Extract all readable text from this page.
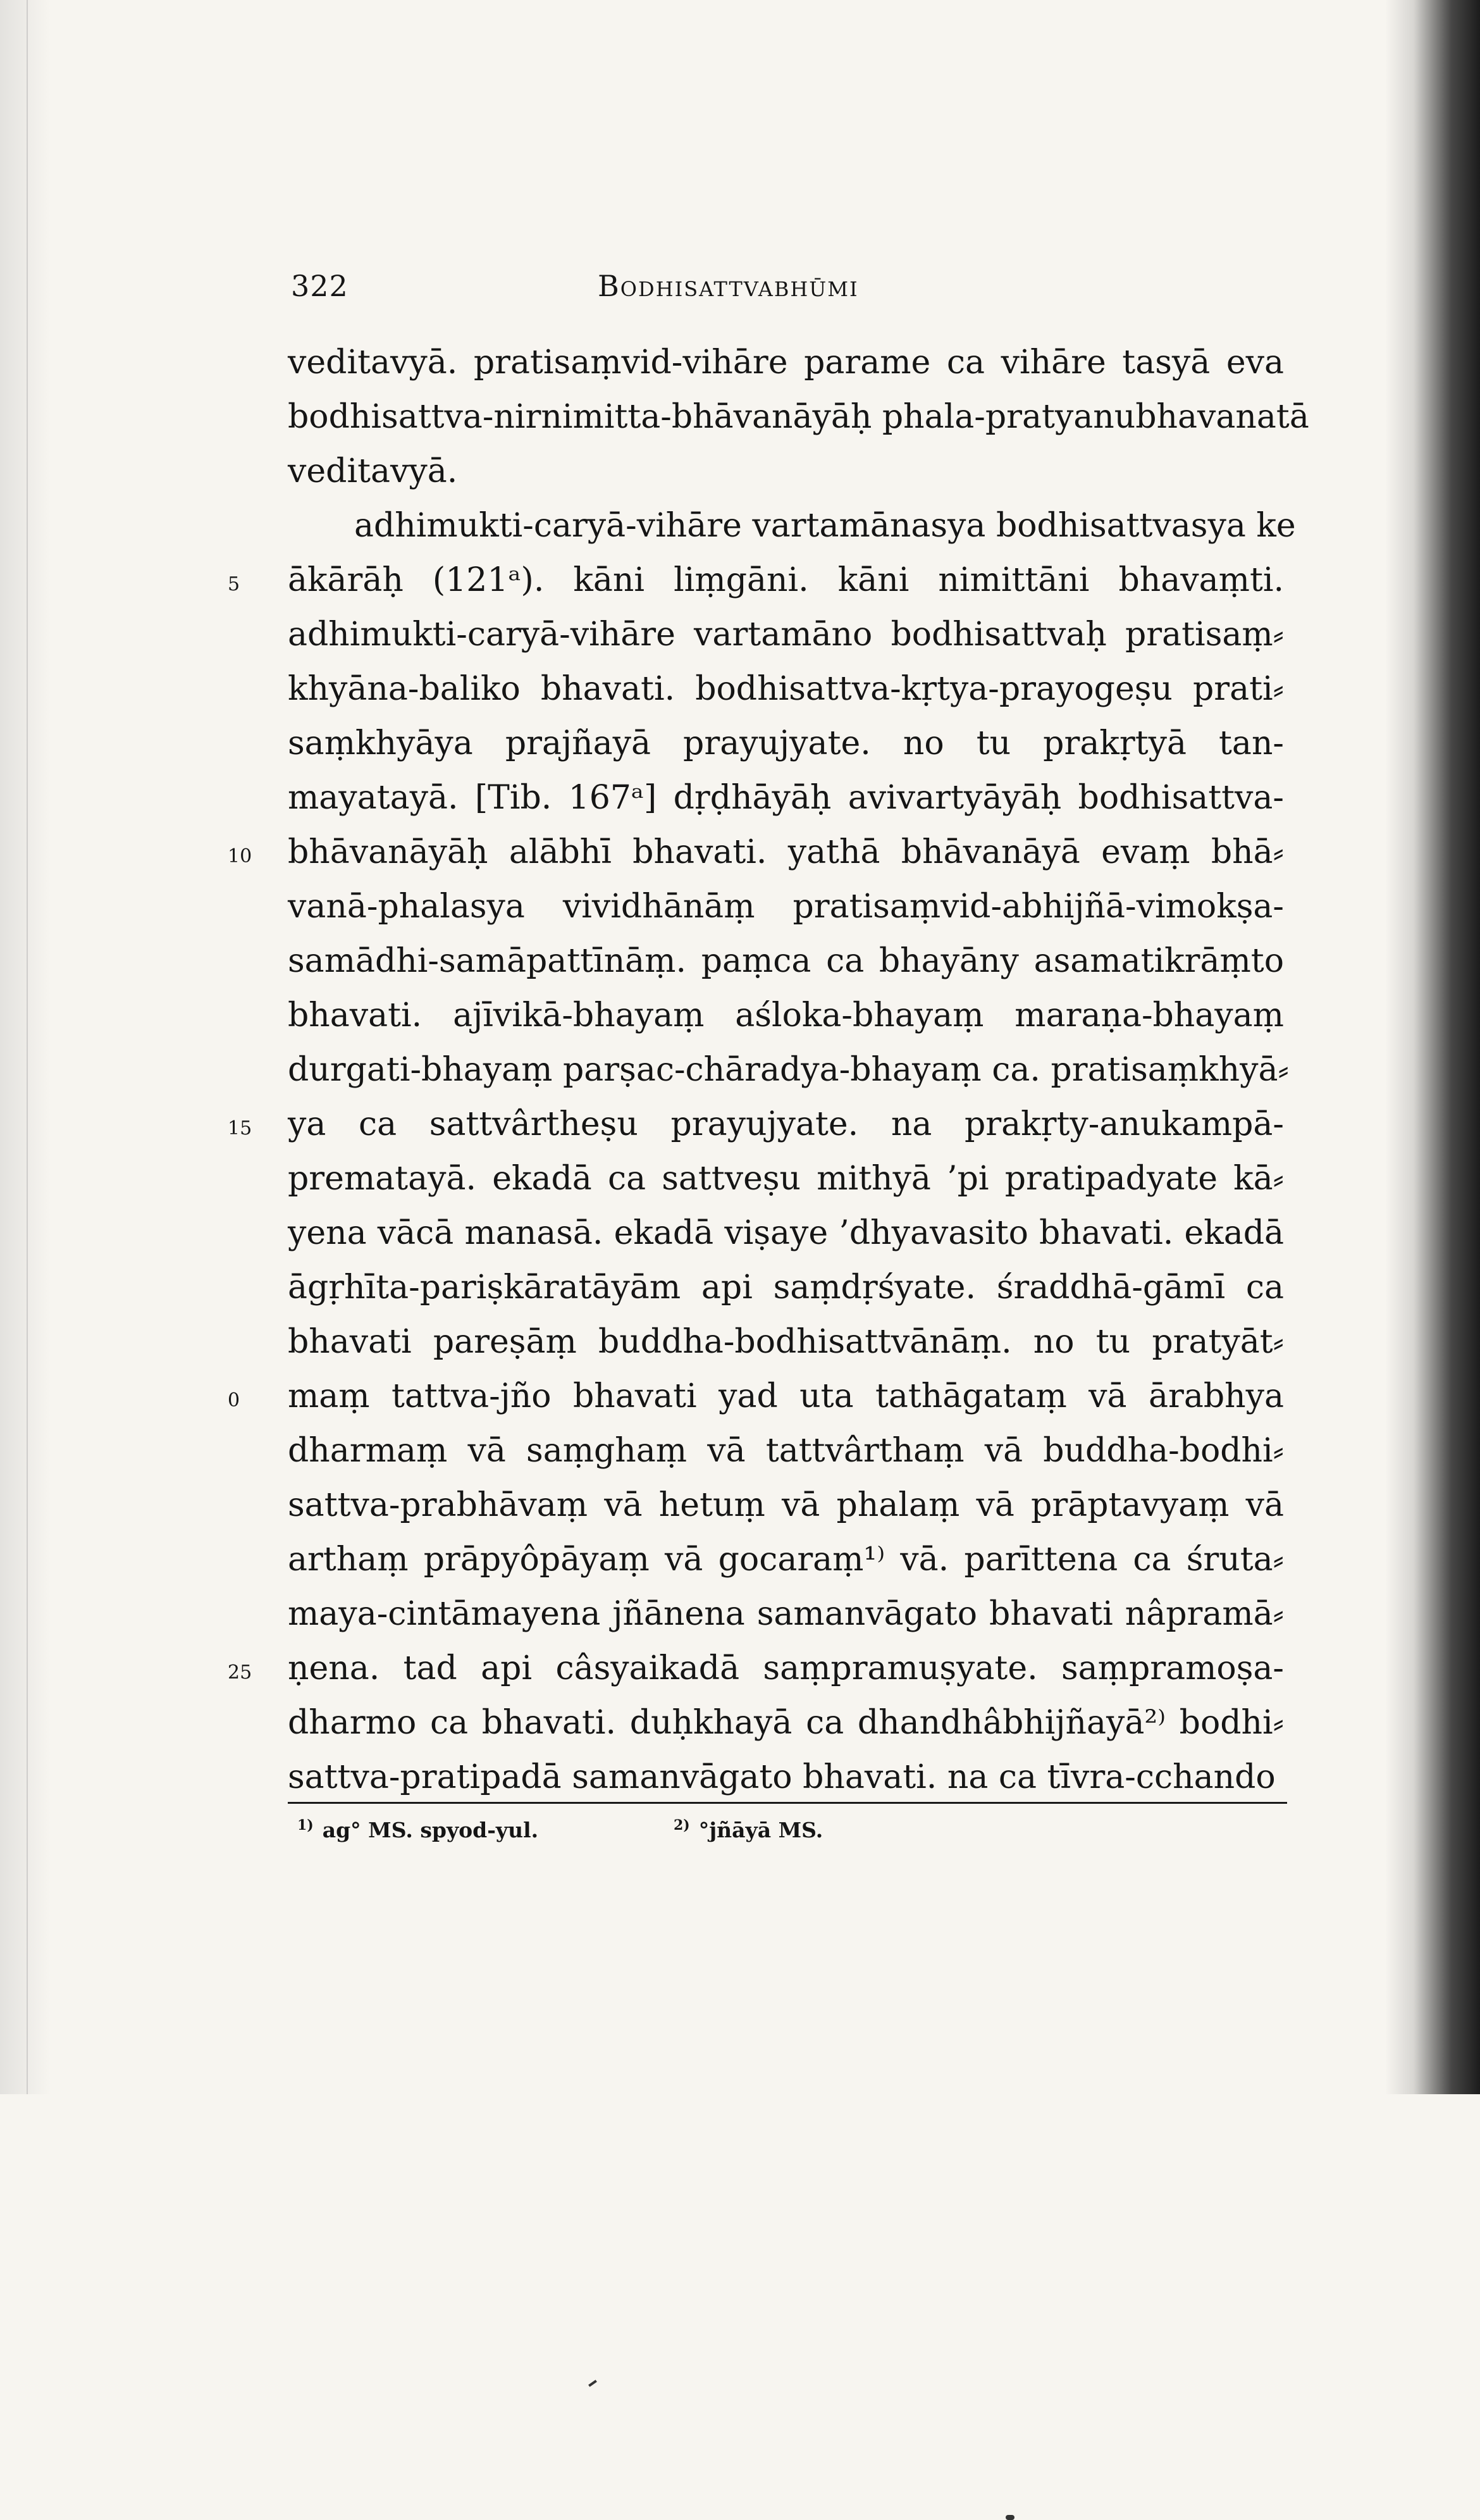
322	Bodhisattvabhūmi
veditavyā. pratisaṃvid-vihāre parame ca vihāre tasyā eva
bodhisattva-nirnimitta-bhāvanāyāḥ phala-pratyanubhavanatā
veditavyā.
adhimukti-caryā-vihāre vartamānasya bodhisattvasya ke
ākārāḥ (121ᵃ). kāni liṃgāni. kāni nimittāni bhavaṃti.
adhimukti-caryā-vihāre vartamāno bodhisattvaḥ pratisaṃ⸗
khyāna-baliko bhavati. bodhisattva-kṛtya-prayogeṣu prati⸗
saṃkhyāya prajñayā prayujyate. no tu prakṛtyā tan-
mayatayā. [Tib. 167ᵃ] dṛḍhāyāḥ avivartyāyāḥ bodhisattva-
bhāvanāyāḥ alābhī bhavati. yathā bhāvanāyā evaṃ bhā⸗
vanā-phalasya vividhānāṃ pratisaṃvid-abhijñā-vimokṣa-
samādhi-samāpattīnāṃ. paṃca ca bhayāny asamatikrāṃto
bhavati. ajīvikā-bhayaṃ aśloka-bhayaṃ maraṇa-bhayaṃ
durgati-bhayaṃ parṣac-chāradya-bhayaṃ ca. pratisaṃkhyā⸗
ya ca sattvârtheṣu prayujyate. na prakṛty-anukampā-
prematayā. ekadā ca sattveṣu mithyā ’pi pratipadyate kā⸗
yena vācā manasā. ekadā viṣaye ’dhyavasito bhavati. ekadā
āgṛhīta-pariṣkāratāyām api saṃdṛśyate. śraddhā-gāmī ca
bhavati pareṣāṃ buddha-bodhisattvānāṃ. no tu pratyāt⸗
maṃ tattva-jño bhavati yad uta tathāgataṃ vā ārabhya
dharmaṃ vā saṃghaṃ vā tattvârthaṃ vā buddha-bodhi⸗
sattva-prabhāvaṃ vā hetuṃ vā phalaṃ vā prāptavyaṃ vā
arthaṃ prāpyôpāyaṃ vā gocaraṃ¹⁾ vā. parīttena ca śruta⸗
maya-cintāmayena jñānena samanvāgato bhavati nâpramā⸗
ṇena. tad api câsyaikadā saṃpramuṣyate. saṃpramoṣa-
dharmo ca bhavati. duḥkhayā ca dhandhâbhijñayā²⁾ bodhi⸗
sattva-pratipadā samanvāgato bhavati. na ca tīvra-cchando
5
10
15
0
25
$^{1)}$ ag° MS. spyod-yul.	$^{2)}$ °jñāyā MS.
